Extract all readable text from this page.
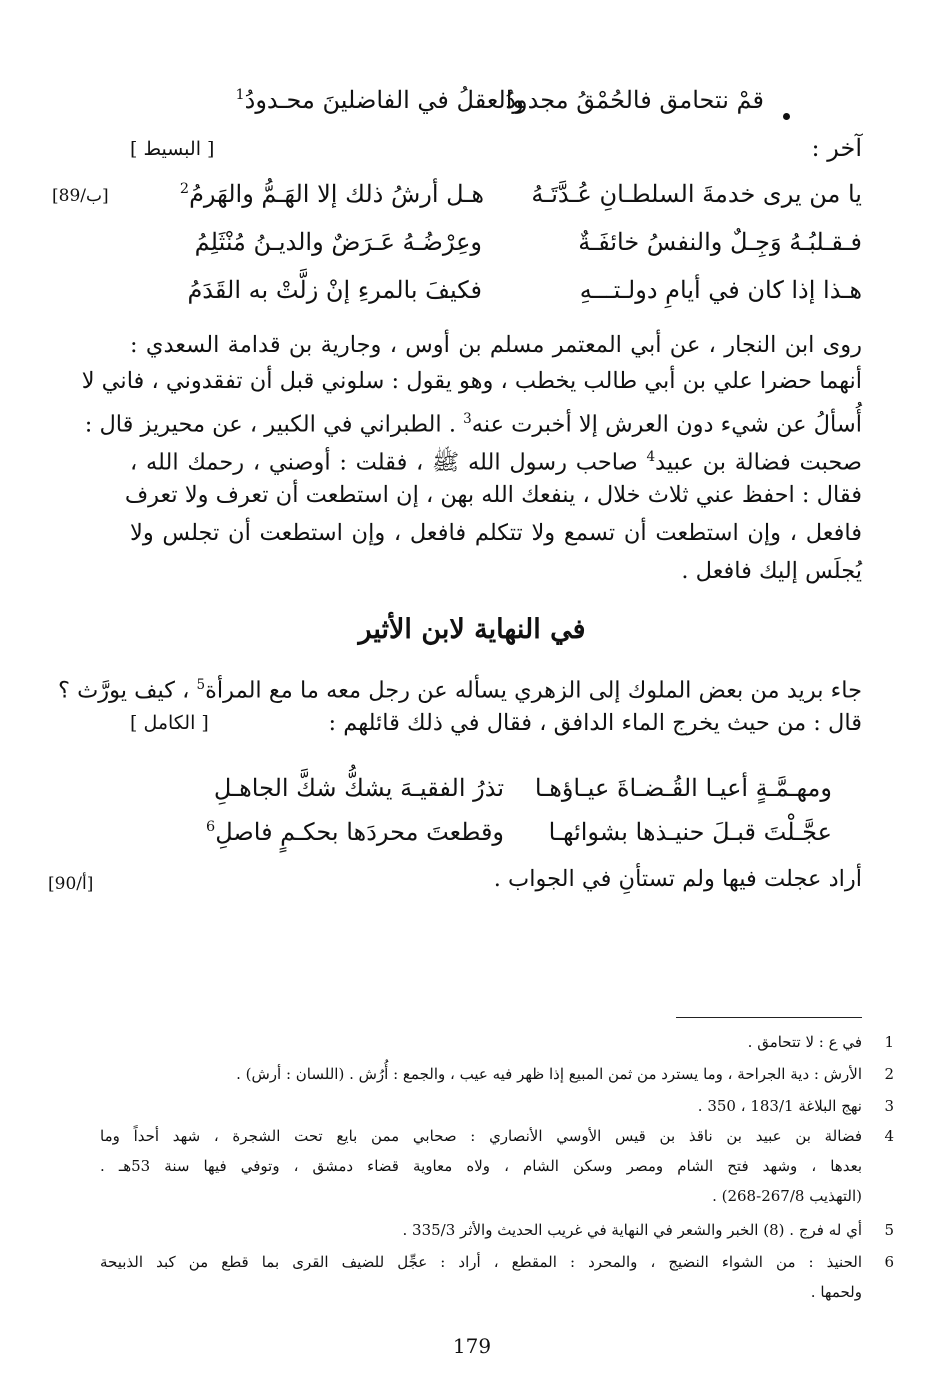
قمْ نتحامق فالحُمْقُ مجدودُ
والعقلُ في الفاضلينَ محـدودُ$^1$
آخر :
[ البسيط ]
[89/ب]	يا من يرى خدمةَ السلطـانِ عُـدَّتَـهُ
هـل أرشُ ذلك إلا الهَـمُّ والهَرمُ$^2$
فـقـلبُـهُ وَجِـلٌ والنفسُ خائفَـةٌ
وعِرْضُـهُ عَـرَضٌ والديـنُ مُنْثَلِمُ
هـذا إذا كان في أيامِ دولـتـــهِ
فكيفَ بالمرءِ إنْ زلَّتْ به القَدَمُ
روى ابن النجار ، عن أبي المعتمر مسلم بن أوس ، وجارية بن قدامة السعدي :
أنهما حضرا علي بن أبي طالب يخطب ، وهو يقول : سلوني قبل أن تفقدوني ، فاني لا
أُسألُ عن شيء دون العرش إلا أخبرت عنه$^3$ . الطبراني في الكبير ، عن محيريز قال :
صحبت فضالة بن عبيد$^4$ صاحب رسول الله ﷺ ، فقلت : أوصني ، رحمك الله ،
فقال : احفظ عني ثلاث خلال ، ينفعك الله بهن ، إن استطعت أن تعرف ولا تعرف
فافعل ، وإن استطعت أن تسمع ولا تتكلم فافعل ، وإن استطعت أن تجلس ولا
يُجلَس إليك فافعل .
في النهاية لابن الأثير
جاء بريد من بعض الملوك إلى الزهري يسأله عن رجل معه ما مع المرأة$^5$ ، كيف يورَّث ؟
قال : من حيث يخرج الماء الدافق ، فقال في ذلك قائلهم :
[ الكامل ]
ومهـمَّـةٍ أعيـا القُـضـاةَ عيـاؤهـا
تذرُ الفقيـهَ يشكُّ شكَّ الجاهـلِ
عجَّـلْتَ قبـلَ حنيـذها بشوائهـا
وقطعتَ محردَها بحكـمٍ فاصلِ$^6$
أراد عجلت فيها ولم تستأنِ في الجواب .
[90/أ]
1
في ع : لا تتحامق .
2
الأرش : دية الجراحة ، وما يسترد من ثمن المبيع إذا ظهر فيه عيب ، والجمع : أُرُش . (اللسان : أرش) .
3
نهج البلاغة 183/1 ، 350 .
4
فضالة بن عبيد بن ناقذ بن قيس الأوسي الأنصاري : صحابي ممن بايع تحت الشجرة ، شهد أحداً وما
بعدها ، وشهد فتح الشام ومصر وسكن الشام ، ولاه معاوية قضاء دمشق ، وتوفي فيها سنة 53هـ .
(التهذيب 267/8-268) .
5
أي له فرج . (8) الخبر والشعر في النهاية في غريب الحديث والأثر 335/3 .
6
الحنيذ : من الشواء النضيج ، والمحرد : المقطع ، أراد : عجِّل للضيف القرى بما قطع من كبد الذبيحة
ولحمها .
179
